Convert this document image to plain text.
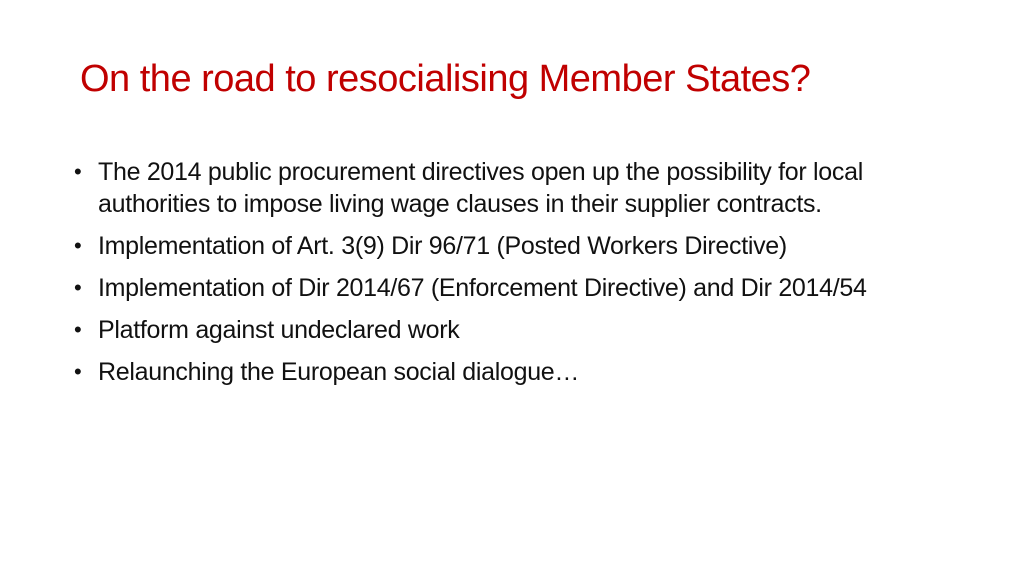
On the road to resocialising Member States?
• The 2014 public procurement directives open up the possibility for local authorities to impose living wage clauses in their supplier contracts.
• Implementation of Art. 3(9) Dir 96/71 (Posted Workers Directive)
• Implementation of Dir 2014/67 (Enforcement Directive) and Dir 2014/54
• Platform against undeclared work
• Relaunching the European social dialogue…
